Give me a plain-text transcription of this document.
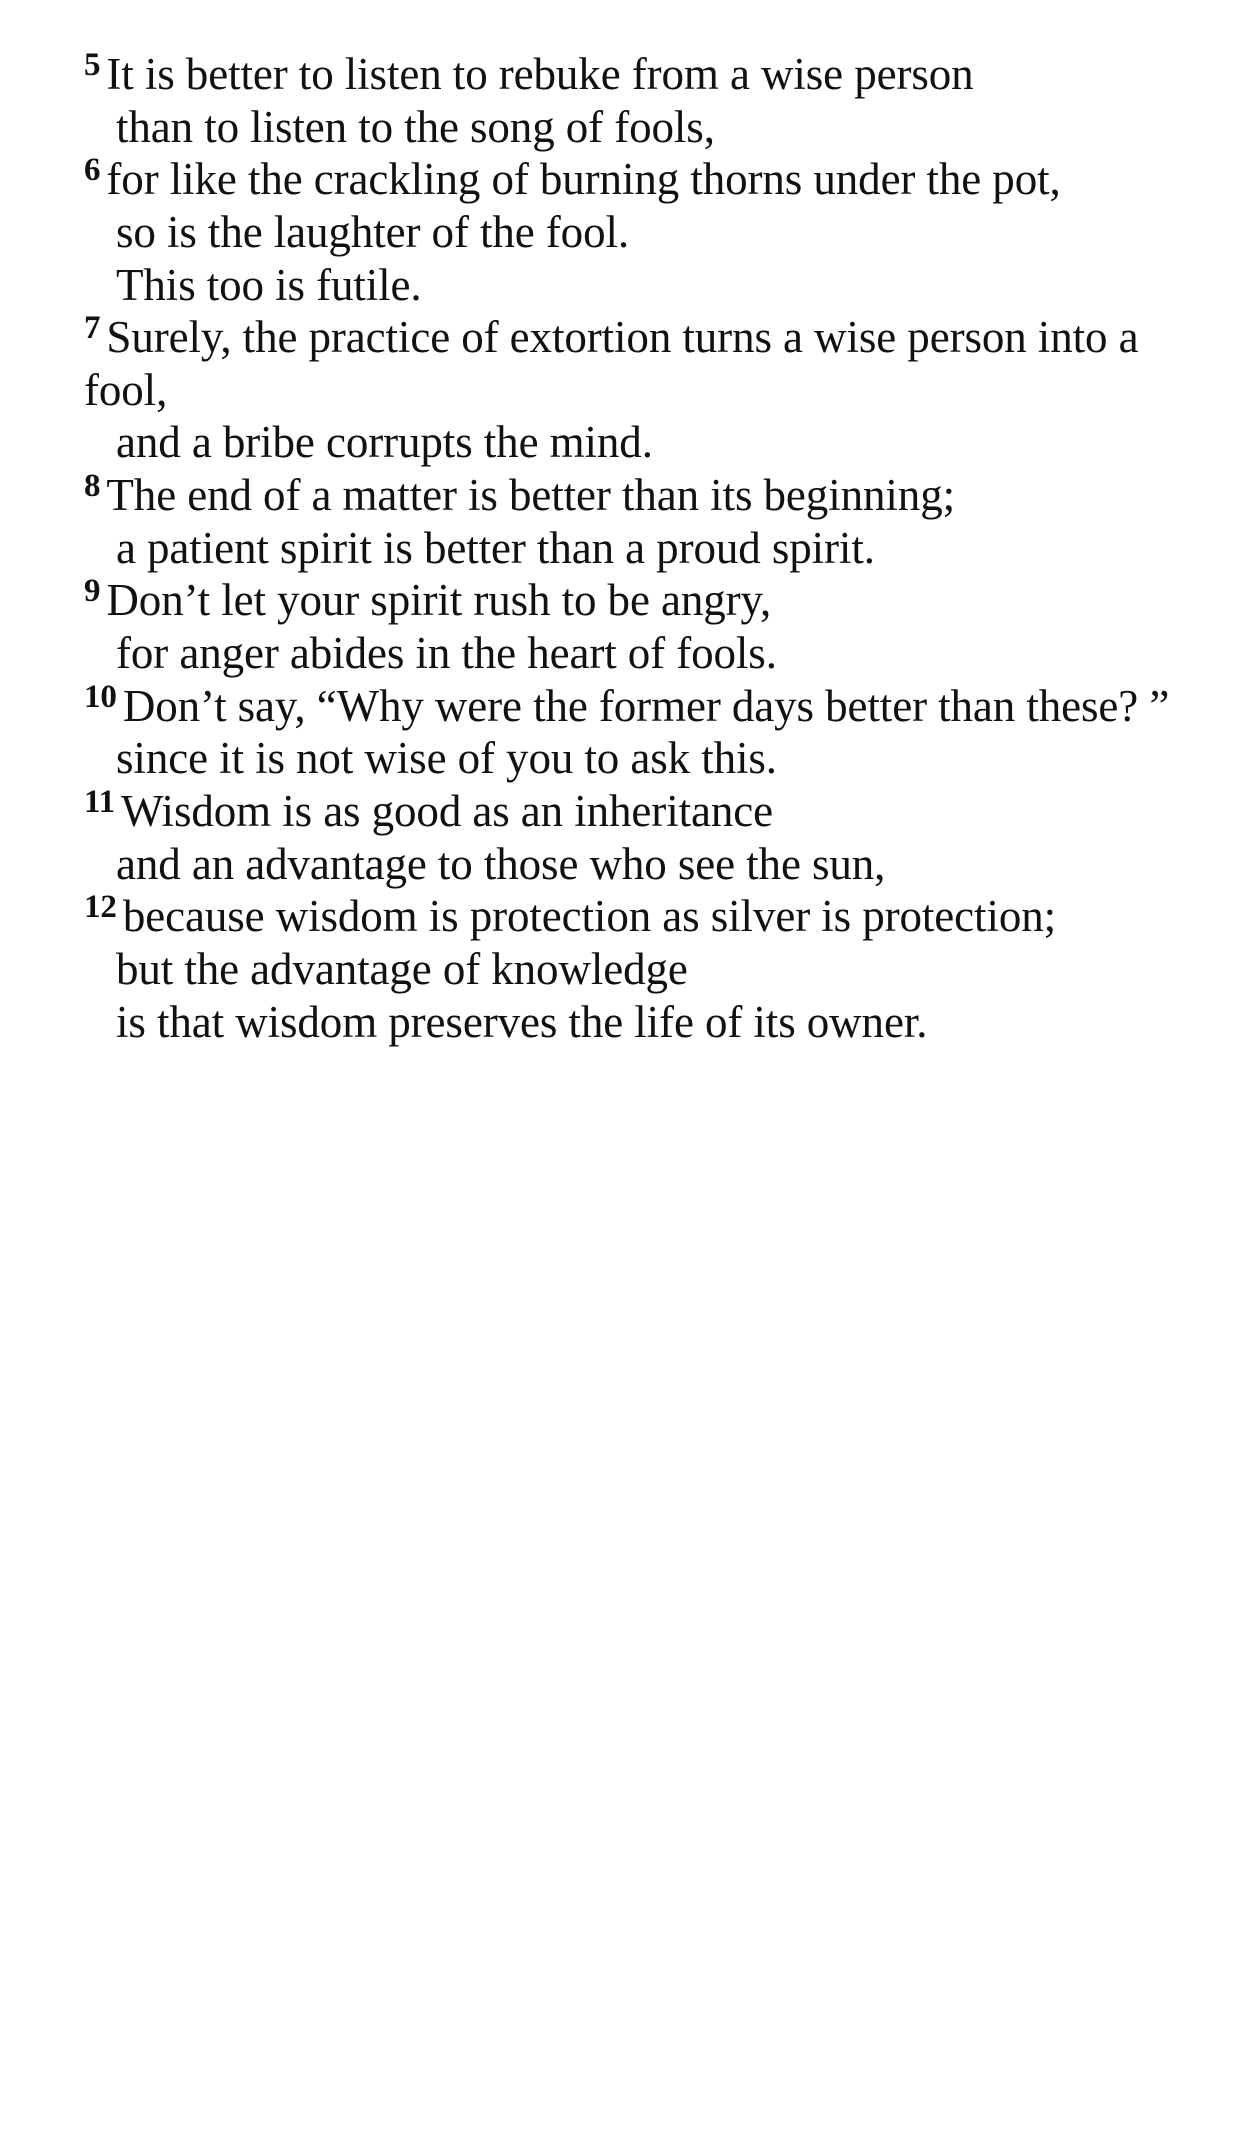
$^5$ It is better to listen to rebuke from a wise person
than to listen to the song of fools,
$^6$ for like the crackling of burning thorns under the pot,
so is the laughter of the fool.
This too is futile.
$^7$ Surely, the practice of extortion turns a wise person into a fool,
and a bribe corrupts the mind.
$^8$ The end of a matter is better than its beginning;
a patient spirit is better than a proud spirit.
$^9$ Don’t let your spirit rush to be angry,
for anger abides in the heart of fools.
$^{10}$ Don’t say, “Why were the former days better than these? ”
since it is not wise of you to ask this.
$^{11}$ Wisdom is as good as an inheritance
and an advantage to those who see the sun,
$^{12}$ because wisdom is protection as silver is protection;
but the advantage of knowledge
is that wisdom preserves the life of its owner.
